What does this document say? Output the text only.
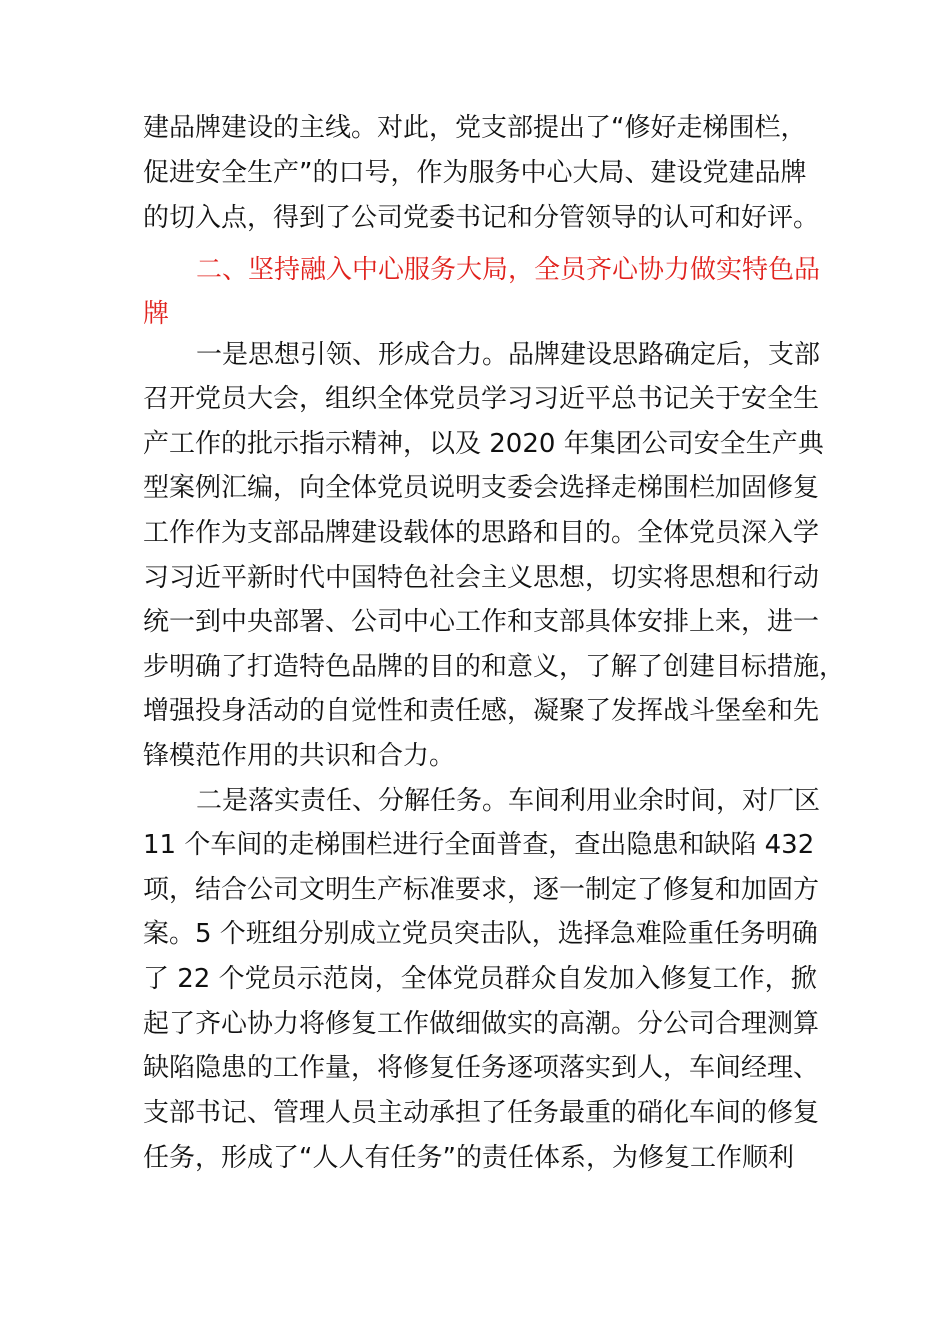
建品牌建设的主线。对此，党支部提出了“修好走梯围栏，
促进安全生产”的口号，作为服务中心大局、建设党建品牌
的切入点，得到了公司党委书记和分管领导的认可和好评。
二、坚持融入中心服务大局，全员齐心协力做实特色品
牌
一是思想引领、形成合力。品牌建设思路确定后，支部
召开党员大会，组织全体党员学习习近平总书记关于安全生
产工作的批示指示精神，以及 2020 年集团公司安全生产典
型案例汇编，向全体党员说明支委会选择走梯围栏加固修复
工作作为支部品牌建设载体的思路和目的。全体党员深入学
习习近平新时代中国特色社会主义思想，切实将思想和行动
统一到中央部署、公司中心工作和支部具体安排上来，进一
步明确了打造特色品牌的目的和意义，了解了创建目标措施，
增强投身活动的自觉性和责任感，凝聚了发挥战斗堡垒和先
锋模范作用的共识和合力。
二是落实责任、分解任务。车间利用业余时间，对厂区
11 个车间的走梯围栏进行全面普查，查出隐患和缺陷 432
项，结合公司文明生产标准要求，逐一制定了修复和加固方
案。5 个班组分别成立党员突击队，选择急难险重任务明确
了 22 个党员示范岗，全体党员群众自发加入修复工作，掀
起了齐心协力将修复工作做细做实的高潮。分公司合理测算
缺陷隐患的工作量，将修复任务逐项落实到人，车间经理、
支部书记、管理人员主动承担了任务最重的硝化车间的修复
任务，形成了“人人有任务”的责任体系，为修复工作顺利
